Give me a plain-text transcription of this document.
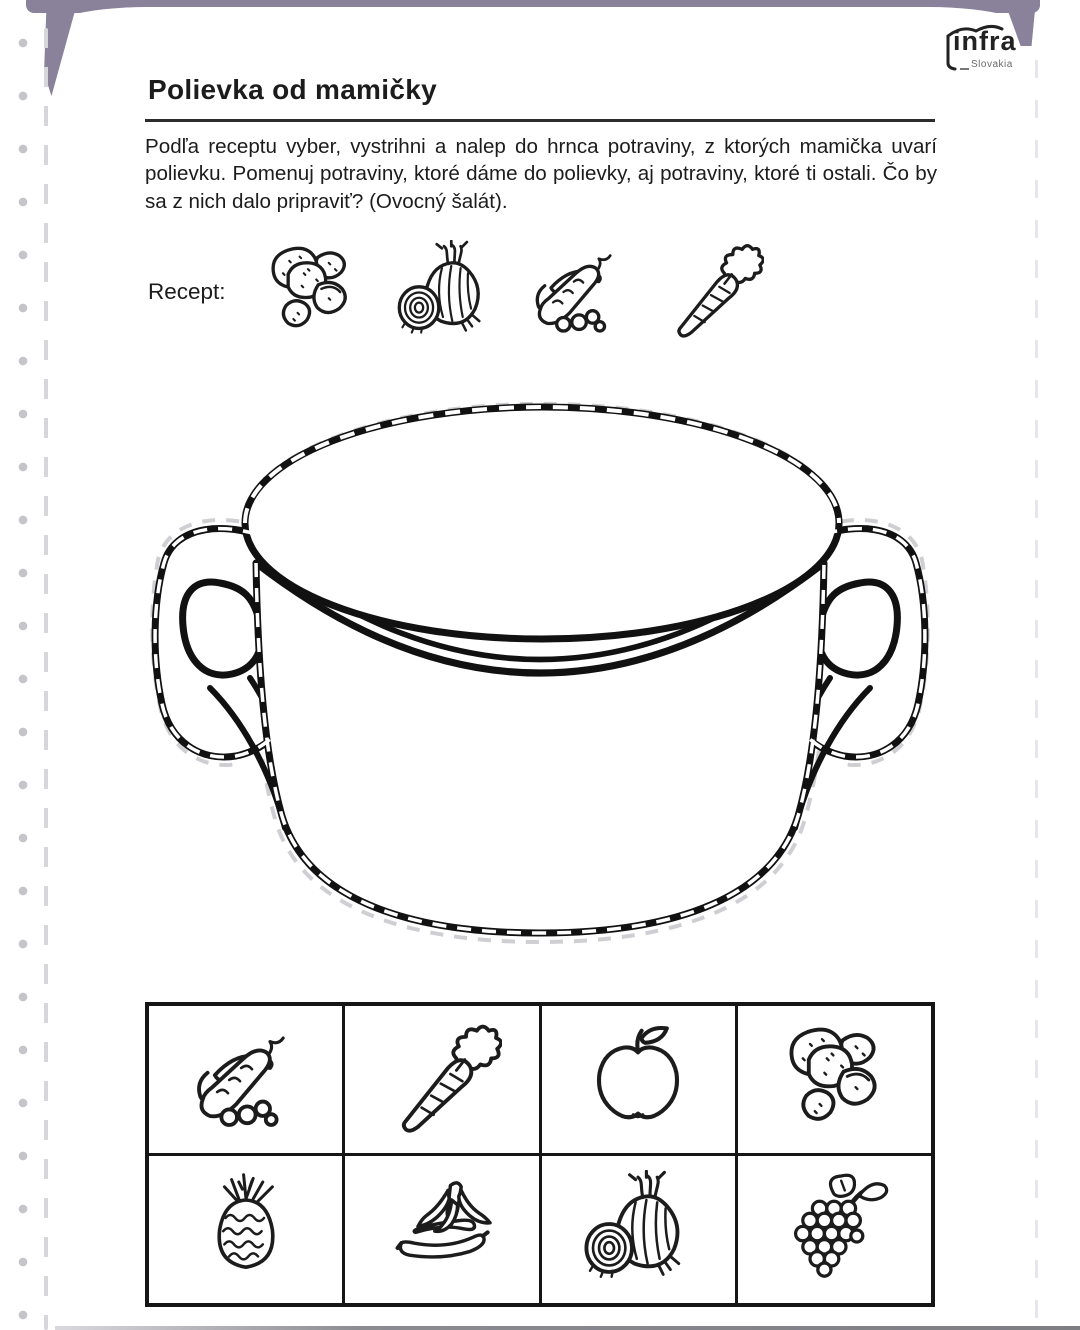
infra
Slovakia
Polievka od mamičky
Podľa receptu vyber, vystrihni a nalep do hrnca potraviny, z ktorých mamička uvarí polievku. Pomenuj potraviny, ktoré dáme do polievky, aj potraviny, ktoré ti ostali. Čo by sa z nich dalo pripraviť? (Ovocný šalát).
Recept:
